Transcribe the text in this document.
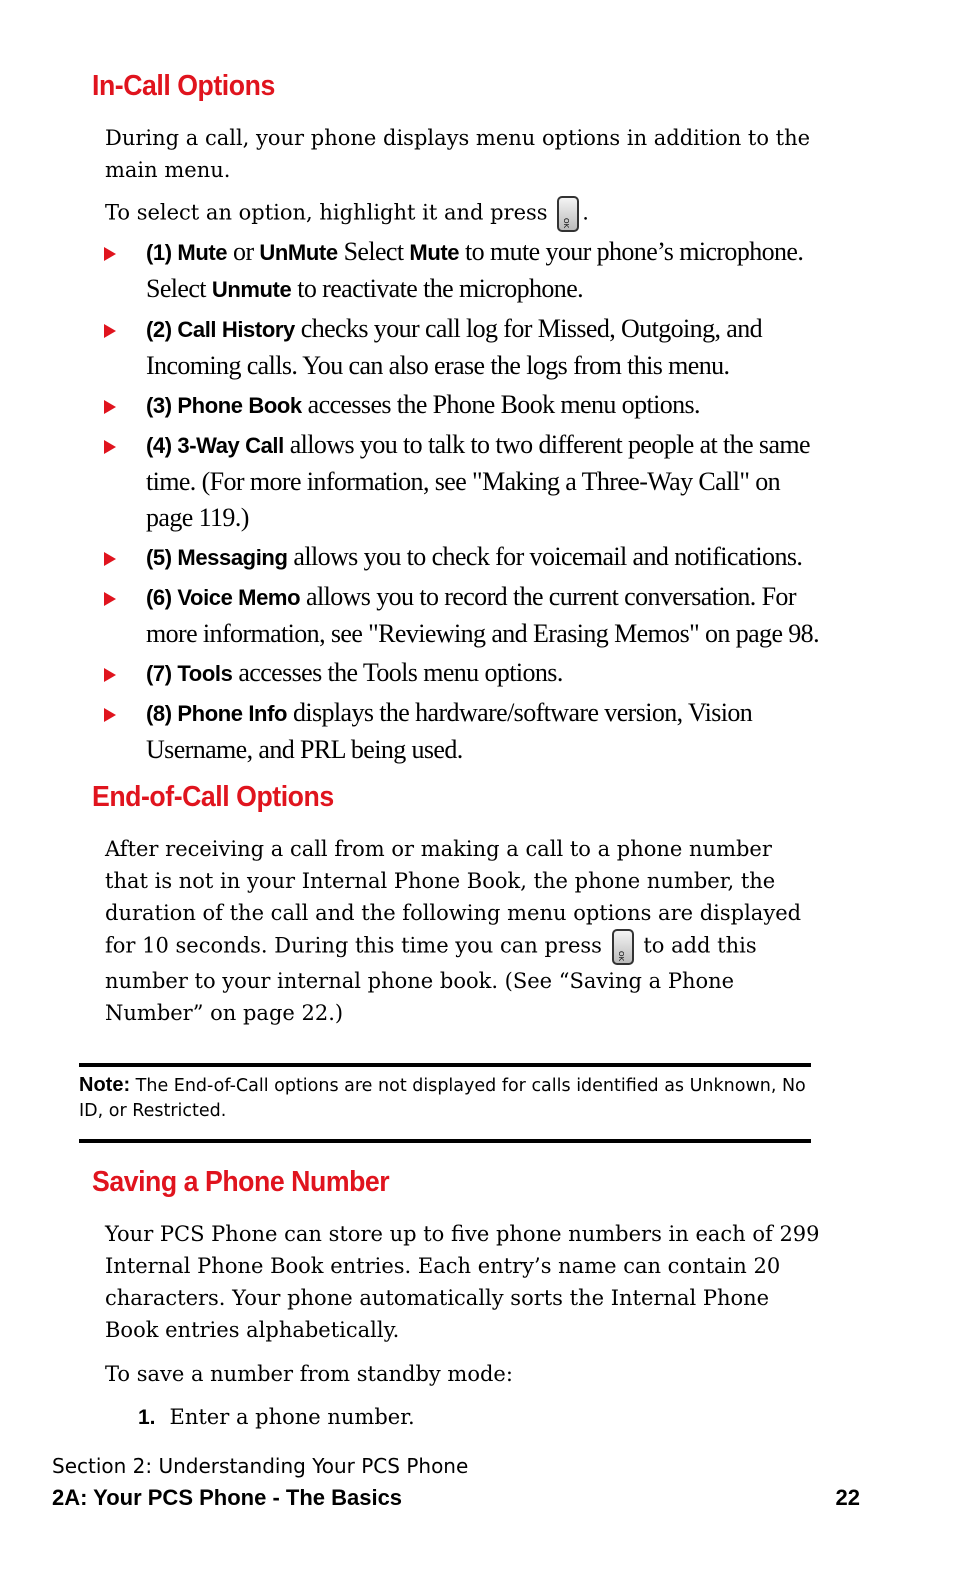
In-Call Options

During a call, your phone displays menu options in addition to the main menu.

To select an option, highlight it and press OK .

(1) Mute or UnMute Select Mute to mute your phone’s microphone. Select Unmute to reactivate the microphone.
(2) Call History checks your call log for Missed, Outgoing, and Incoming calls. You can also erase the logs from this menu.
(3) Phone Book accesses the Phone Book menu options.
(4) 3-Way Call allows you to talk to two different people at the same time. (For more information, see "Making a Three-Way Call" on page 119.)
(5) Messaging allows you to check for voicemail and notifications.
(6) Voice Memo allows you to record the current conversation. For more information, see "Reviewing and Erasing Memos" on page 98.
(7) Tools accesses the Tools menu options.
(8) Phone Info displays the hardware/software version, Vision Username, and PRL being used.
End-of-Call Options

After receiving a call from or making a call to a phone number that is not in your Internal Phone Book, the phone number, the duration of the call and the following menu options are displayed for 10 seconds. During this time you can press OK to add this number to your internal phone book. (See “Saving a Phone Number” on page 22.)

Note: The End-of-Call options are not displayed for calls identified as Unknown, No ID, or Restricted.
Saving a Phone Number

Your PCS Phone can store up to five phone numbers in each of 299 Internal Phone Book entries. Each entry’s name can contain 20 characters. Your phone automatically sorts the Internal Phone Book entries alphabetically.

To save a number from standby mode:

1. Enter a phone number.
Section 2: Understanding Your PCS Phone
2A: Your PCS Phone - The Basics	22
